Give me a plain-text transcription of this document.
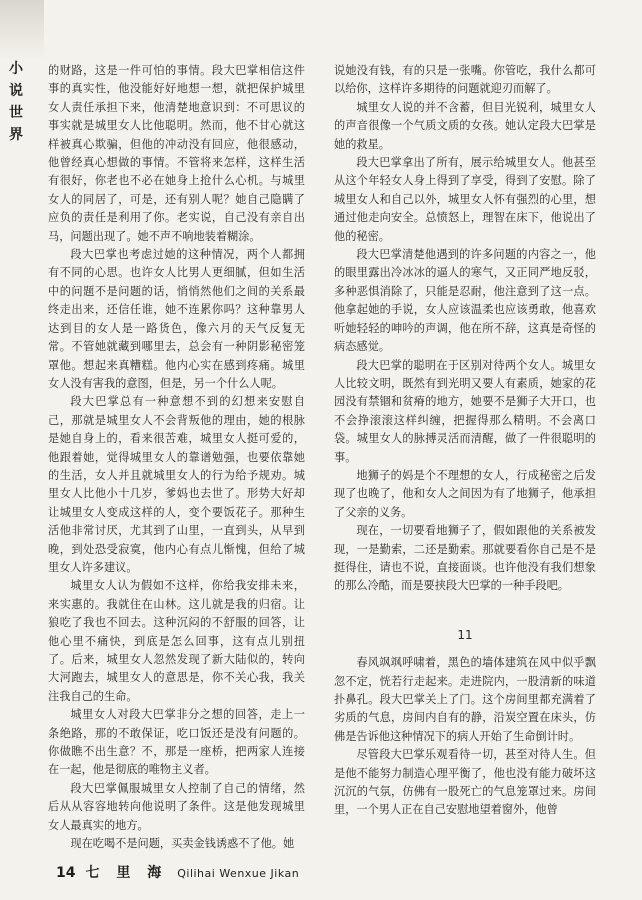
小
说
世
界

的财路，这是一件可怕的事情。段大巴掌相信这件事的真实性，他没能好好地想一想，就把保护城里女人责任承担下来，他清楚地意识到：不可思议的事实就是城里女人比他聪明。然而，他不甘心就这样被真心欺骗，但他的冲动没有回应，他很感动，他曾经真心想做的事情。不管将来怎样，这样生活有很好，你老也不必在她身上抢什么心机。与城里女人的同居了，可是，还有别人呢？她自己隐瞒了应负的责任是利用了你。老实说，自己没有亲自出马，问题出现了。她不声不响地装着糊涂。

段大巴掌也考虑过她的这种情况，两个人都拥有不同的心思。也许女人比男人更细腻，但如生活中的问题不是问题的话，悄悄然他们之间的关系最终走出来，还信任谁，她不连累你吗？这种靠男人达到目的女人是一路货色，像六月的天气反复无常。不管她就藏到哪里去，总会有一种阴影秘密笼罩他。想起来真糟糕。他内心实在感到疼痛。城里女人没有害我的意图，但是，另一个什么人呢。

段大巴掌总有一种意想不到的幻想来安慰自己，那就是城里女人不会背叛他的理由，她的根脉是她自身上的，看来很苦难，城里女人挺可爱的，他跟着她，觉得城里女人的靠谱勉强，也要依靠她的生活，女人并且就城里女人的行为给予规劝。城里女人比他小十几岁，爹妈也去世了。形势大好却让城里女人变成这样的人，变个要饭花子。那种生活他非常讨厌，尤其到了山里，一直到头，从早到晚，到处恐受寂寞，他内心有点儿惭愧，但给了城里女人许多建议。

城里女人认为假如不这样，你给我安排未来，来实惠的。我就住在山林。这儿就是我的归宿。让狼吃了我也不回去。这种沉闷的不舒服的回答，让他心里不痛快，到底是怎么回事，这有点儿别扭了。后来，城里女人忽然发现了新大陆似的，转向大河跑去，城里女人的意思是，你不关心我，我关注我自己的生命。

城里女人对段大巴掌非分之想的回答，走上一条绝路，那的不敢保证，吃口饭还是没有问题的。你做瞧不出生意？不，那是一座桥，把两家人连接在一起，他是彻底的唯物主义者。

段大巴掌佩服城里女人控制了自己的情绪，然后从从容容地转向他说明了条件。这是他发现城里女人最真实的地方。

现在吃喝不是问题，买卖金钱诱惑不了他。她

说她没有钱，有的只是一张嘴。你管吃，我什么都可以给你，这样许多期待的问题就迎刃而解了。

城里女人说的并不含蓄，但目光锐利，城里女人的声音很像一个气质文质的女孩。她认定段大巴掌是她的救星。

段大巴掌拿出了所有，展示给城里女人。他甚至从这个年轻女人身上得到了享受，得到了安慰。除了城里女人和自己以外，城里女人怀有强烈的心里，想通过他走向安全。总愤怒上，理智在床下，他说出了他的秘密。

段大巴掌清楚他遇到的许多问题的内容之一，他的眼里露出冷冰冰的逼人的寒气，又正同严地反驳，多种恶惧消除了，只能是忍耐，他注意到了这一点。他拿起她的手说，女人应该温柔也应该勇敢，他喜欢听她轻轻的呻吟的声调，他在所不辞，这真是奇怪的病态感觉。

段大巴掌的聪明在于区别对待两个女人。城里女人比较文明，既然有到光明又要人有素质，她家的花园没有禁锢和贫瘠的地方，她要不是狮子大开口，也不会挣滚滚这样纠缠，把握得那么精明。不会离口袋。城里女人的脉搏灵活而清醒，做了一件很聪明的事。

地狮子的妈是个不理想的女人，行成秘密之后发现了也晚了，他和女人之间因为有了地狮子，他承担了父亲的义务。

现在，一切要看地狮子了，假如跟他的关系被发现，一是勤索，二还是勤索。那就要看你自己是不是挺得住，请也不说，直接面谈。也许他没有我们想象的那么冷酷，而是要挟段大巴掌的一种手段吧。

11

春风飒飒呼啸着，黑色的墙体建筑在风中似乎飘忽不定，恍若行走起来。走进院内，一股清新的味道扑鼻孔。段大巴掌关上了门。这个房间里都充满着了劣质的气息，房间内自有的静，沿炭空置在床头，仿佛是告诉他这种情况下的病人开始了生命倒计时。

尽管段大巴掌乐观看待一切，甚至对待人生。但是他不能努力制造心理平衡了，他也没有能力破坏这沉沉的气氛，仿佛有一股死亡的气息笼罩过来。房间里，一个男人正在自己安慰地望着窗外，他曾

14 七 里 海 Qilihai Wenxue Jikan
